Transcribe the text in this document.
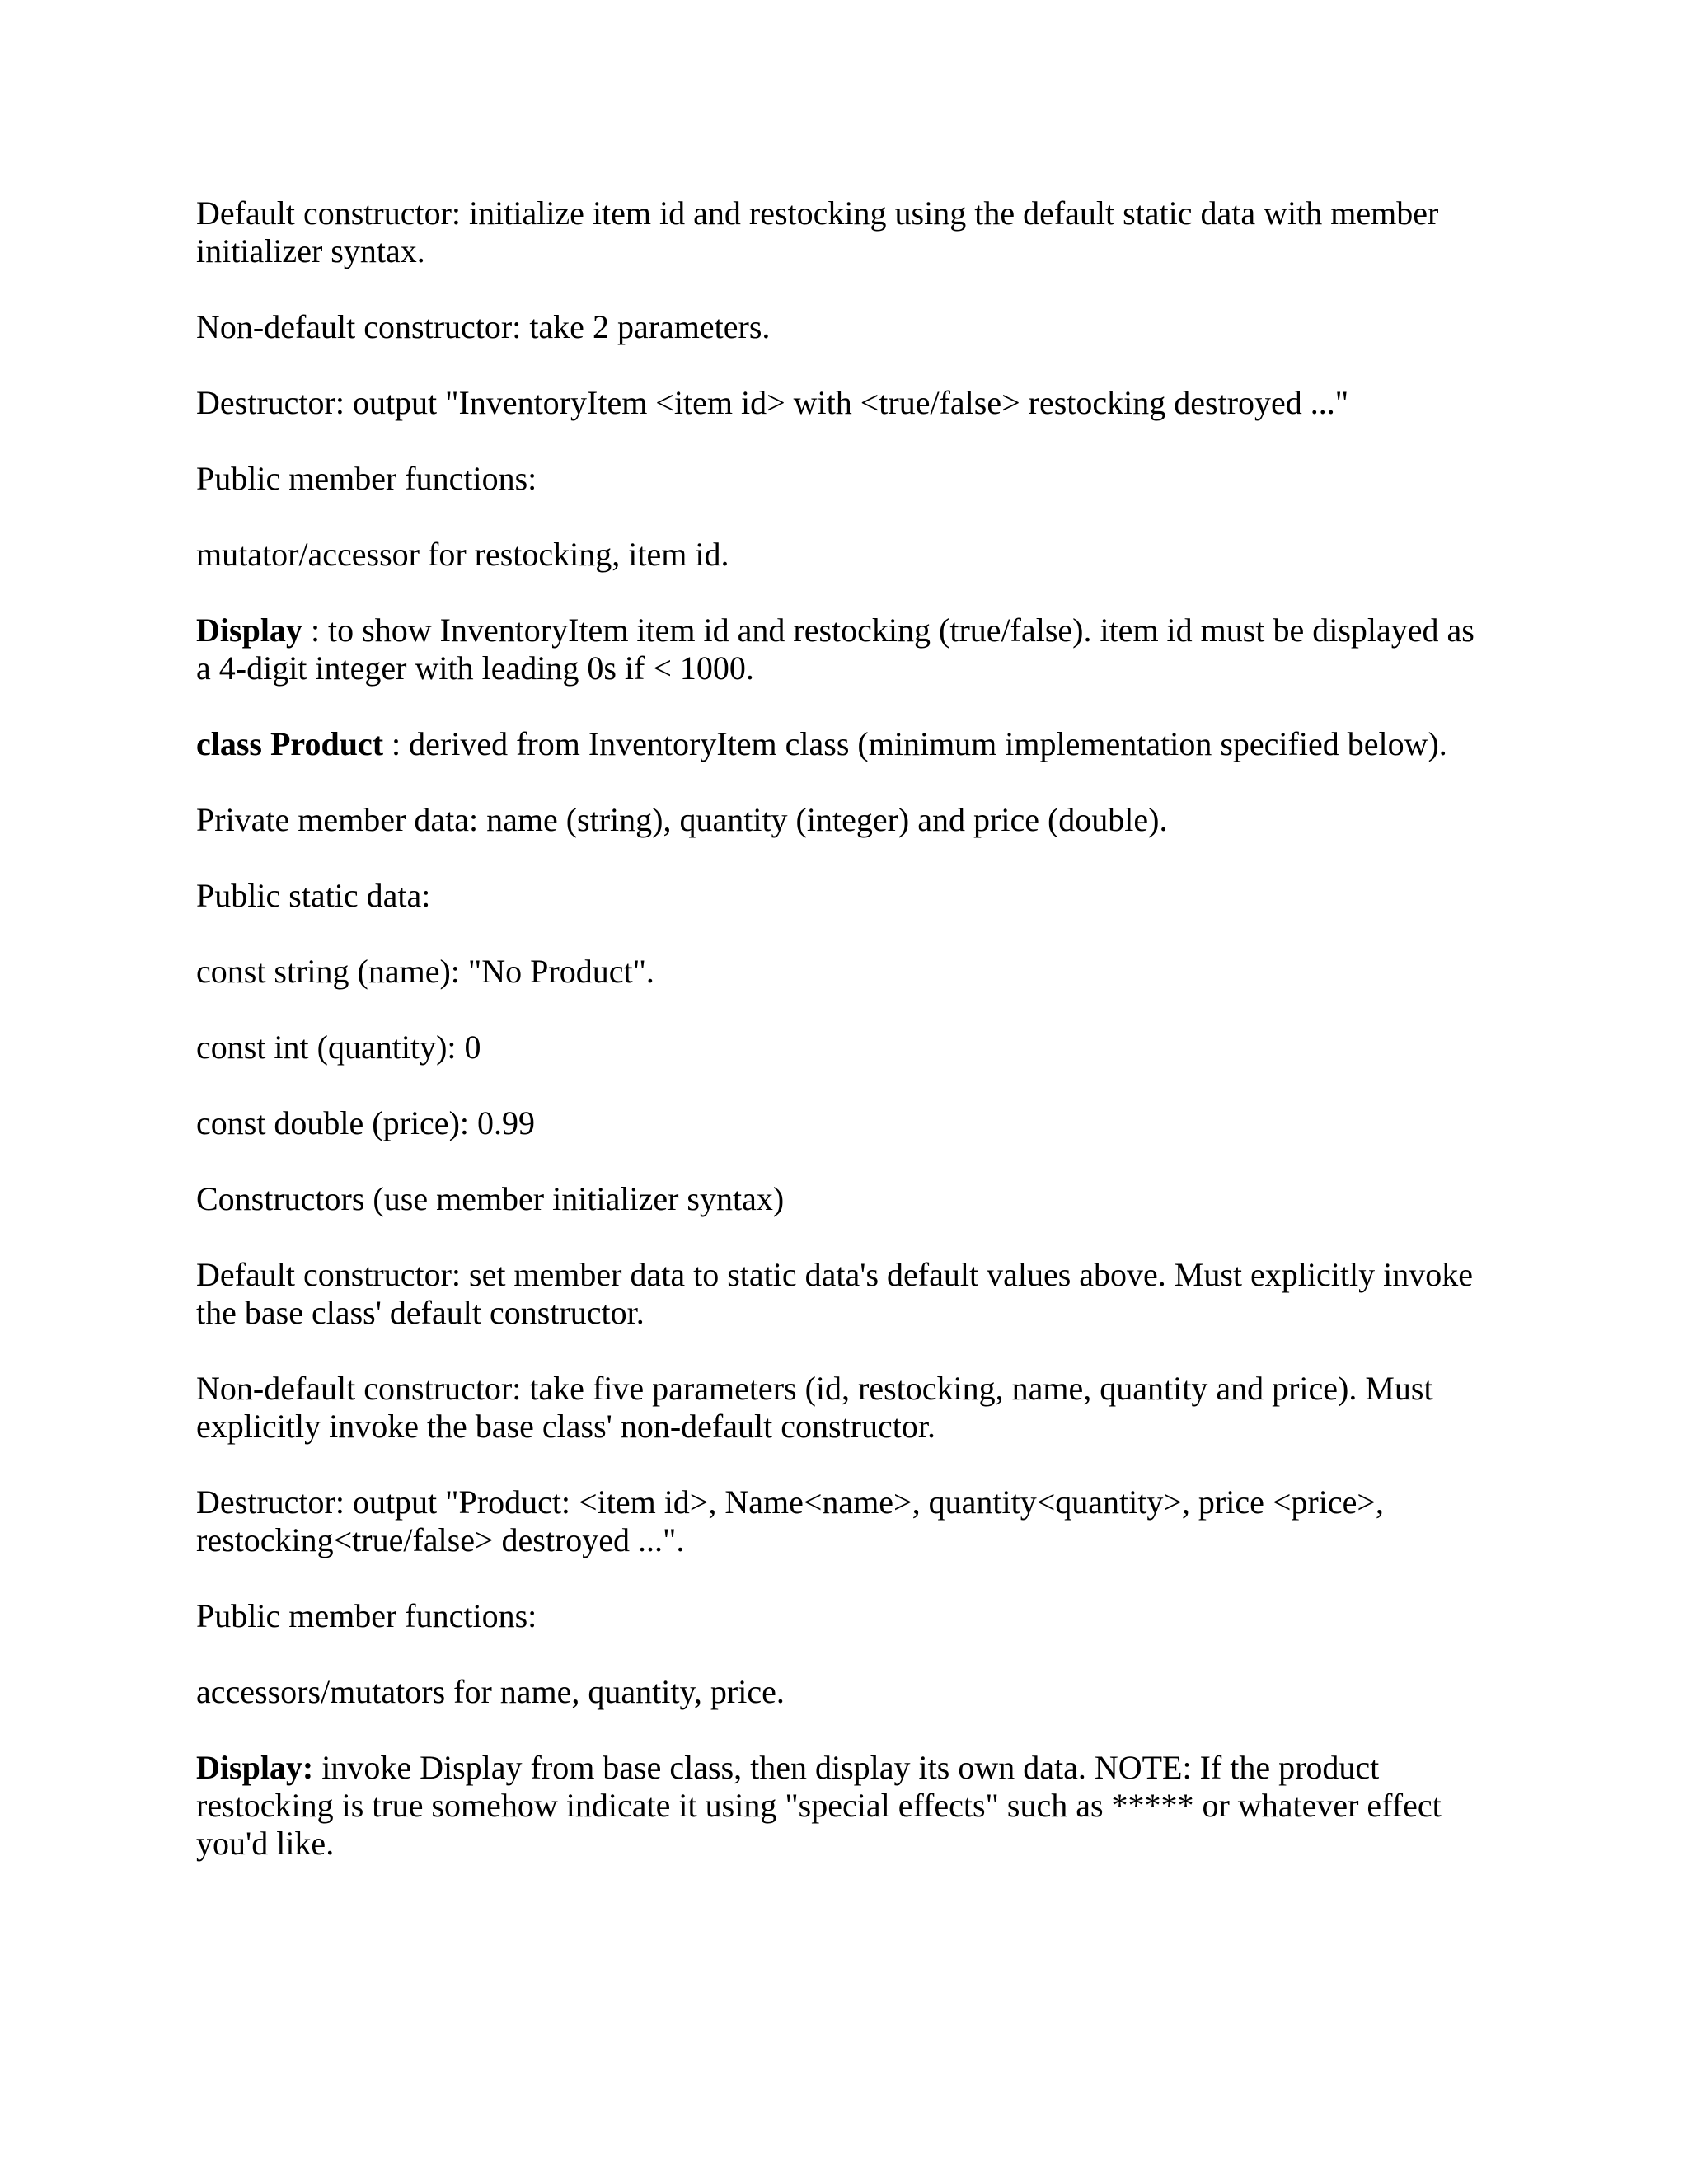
Default constructor: initialize item id and restocking using the default static data with member initializer syntax.

Non-default constructor: take 2 parameters.

Destructor: output "InventoryItem <item id> with <true/false> restocking destroyed ..."

Public member functions:

mutator/accessor for restocking, item id.

Display : to show InventoryItem item id and restocking (true/false). item id must be displayed as a 4-digit integer with leading 0s if < 1000.

class Product : derived from InventoryItem class (minimum implementation specified below).

Private member data: name (string), quantity (integer) and price (double).

Public static data:

const string (name): "No Product".

const int (quantity): 0

const double (price): 0.99

Constructors (use member initializer syntax)

Default constructor: set member data to static data's default values above. Must explicitly invoke the base class' default constructor.

Non-default constructor: take five parameters (id, restocking, name, quantity and price). Must explicitly invoke the base class' non-default constructor.

Destructor: output "Product: <item id>, Name<name>, quantity<quantity>, price <price>, restocking<true/false> destroyed ...".

Public member functions:

accessors/mutators for name, quantity, price.

Display: invoke Display from base class, then display its own data. NOTE: If the product restocking is true somehow indicate it using "special effects" such as ***** or whatever effect you'd like.
